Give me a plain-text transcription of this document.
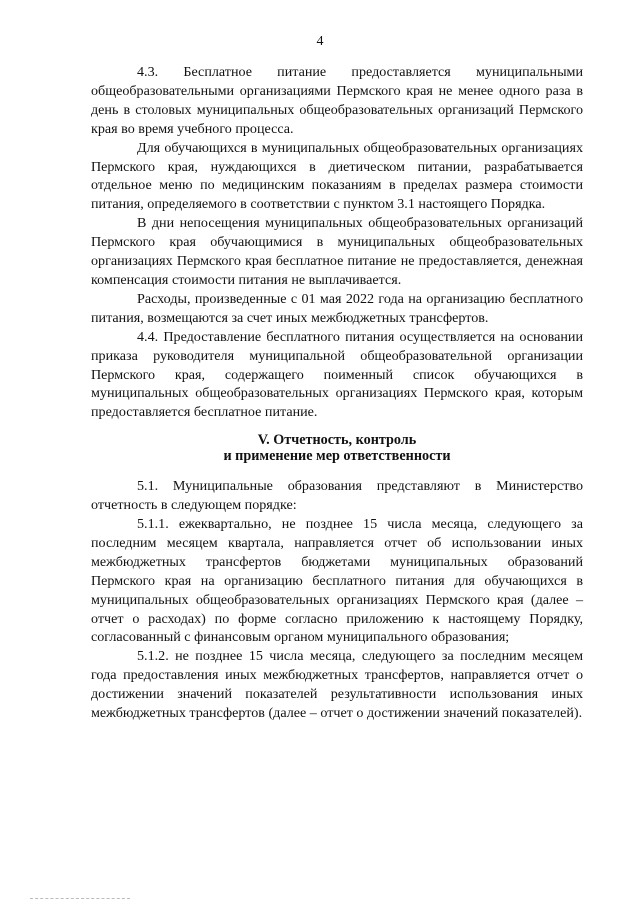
4

4.3. Бесплатное питание предоставляется муниципальными общеобразовательными организациями Пермского края не менее одного раза в день в столовых муниципальных общеобразовательных организаций Пермского края во время учебного процесса.

Для обучающихся в муниципальных общеобразовательных организациях Пермского края, нуждающихся в диетическом питании, разрабатывается отдельное меню по медицинским показаниям в пределах размера стоимости питания, определяемого в соответствии с пунктом 3.1 настоящего Порядка.

В дни непосещения муниципальных общеобразовательных организаций Пермского края обучающимися в муниципальных общеобразовательных организациях Пермского края бесплатное питание не предоставляется, денежная компенсация стоимости питания не выплачивается.

Расходы, произведенные с 01 мая 2022 года на организацию бесплатного питания, возмещаются за счет иных межбюджетных трансфертов.

4.4. Предоставление бесплатного питания осуществляется на основании приказа руководителя муниципальной общеобразовательной организации Пермского края, содержащего поименный список обучающихся в муниципальных общеобразовательных организациях Пермского края, которым предоставляется бесплатное питание.

V. Отчетность, контроль
и применение мер ответственности

5.1. Муниципальные образования представляют в Министерство отчетность в следующем порядке:

5.1.1. ежеквартально, не позднее 15 числа месяца, следующего за последним месяцем квартала, направляется отчет об использовании иных межбюджетных трансфертов бюджетами муниципальных образований Пермского края на организацию бесплатного питания для обучающихся в муниципальных общеобразовательных организациях Пермского края (далее – отчет о расходах) по форме согласно приложению к настоящему Порядку, согласованный с финансовым органом муниципального образования;

5.1.2. не позднее 15 числа месяца, следующего за последним месяцем года предоставления иных межбюджетных трансфертов, направляется отчет о достижении значений показателей результативности использования иных межбюджетных трансфертов (далее – отчет о достижении значений показателей).
